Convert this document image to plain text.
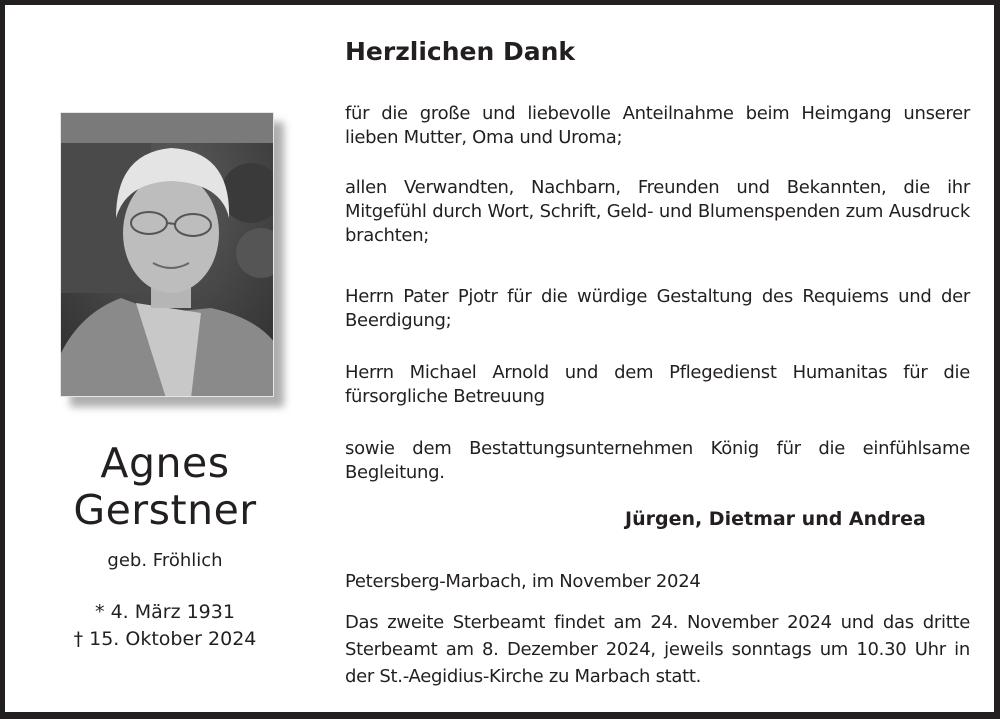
Agnes
Gerstner
geb. Fröhlich
* 4. März 1931
† 15. Oktober 2024
Herzlichen Dank
für die große und liebevolle Anteilnahme beim Heimgang unserer lieben Mutter, Oma und Uroma;
allen Verwandten, Nachbarn, Freunden und Bekannten, die ihr Mitgefühl durch Wort, Schrift, Geld- und Blumenspenden zum Ausdruck brachten;
Herrn Pater Pjotr für die würdige Gestaltung des Requiems und der Beerdigung;
Herrn Michael Arnold und dem Pflegedienst Humanitas für die fürsorgliche Betreuung
sowie dem Bestattungsunternehmen König für die einfühlsame Begleitung.
Jürgen, Dietmar und Andrea
Petersberg-Marbach, im November 2024
Das zweite Sterbeamt findet am 24. November 2024 und das dritte Sterbeamt am 8. Dezember 2024, jeweils sonntags um 10.30 Uhr in der St.-Aegidius-Kirche zu Marbach statt.
